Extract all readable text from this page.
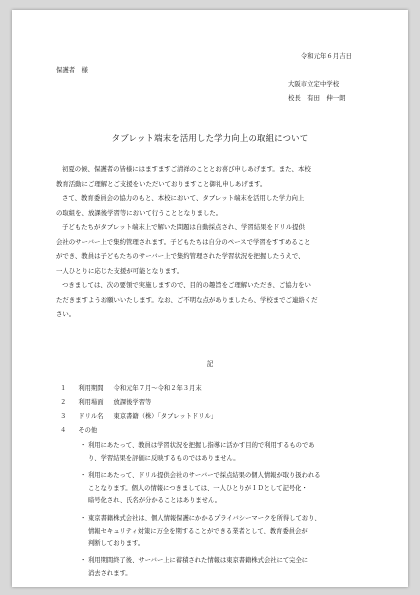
令和元年６月吉日
保護者　様
大阪市立定中学校
校長　有田　伸一朗
タブレット端末を活用した学力向上の取組について
初夏の候、保護者の皆様にはますますご清祥のこととお喜び申しあげます。また、本校
教育活動にご理解とご支援をいただいておりますこと御礼申しあげます。
さて、教育委員会の協力のもと、本校において、タブレット端末を活用した学力向上
の取組を、放課後学習等において行うこととなりました。
子どもたちがタブレット端末上で解いた問題は自動採点され、学習結果をドリル提供
会社のサーバー上で集約管理されます。子どもたちは自分のペースで学習をすすめること
ができ、教員は子どもたちのサーバー上で集約管理された学習状況を把握したうえで、
一人ひとりに応じた支援が可能となります。
つきましては、次の要領で実施しますので、目的の趣旨をご理解いただき、ご協力をい
ただきますようお願いいたします。なお、ご不明な点がありましたら、学校までご連絡くだ
さい。
記
１ 利用期間 令和元年７月～令和２年３月末
２ 利用場面 放課後学習等
３ ドリル名 東京書籍（株）「タブレットドリル」
４ その他
・ 利用にあたって、教員は学習状況を把握し指導に活かす目的で利用するものであ
り、学習結果を評価に反映するものではありません。
・ 利用にあたって、ドリル提供会社のサーバーで採点結果の個人情報が取り扱われる
ことなります。個人の情報につきましては、一人ひとりがＩＤとして記号化・
暗号化され、氏名が分かることはありません。
・ 東京書籍株式会社は、個人情報保護にかかるプライバシーマークを所得しており、
情報セキュリティ対策に万全を期することができる業者として、教育委員会が
判断しております。
・ 利用期間終了後、サーバー上に蓄積された情報は東京書籍株式会社にて完全に
消去されます。
